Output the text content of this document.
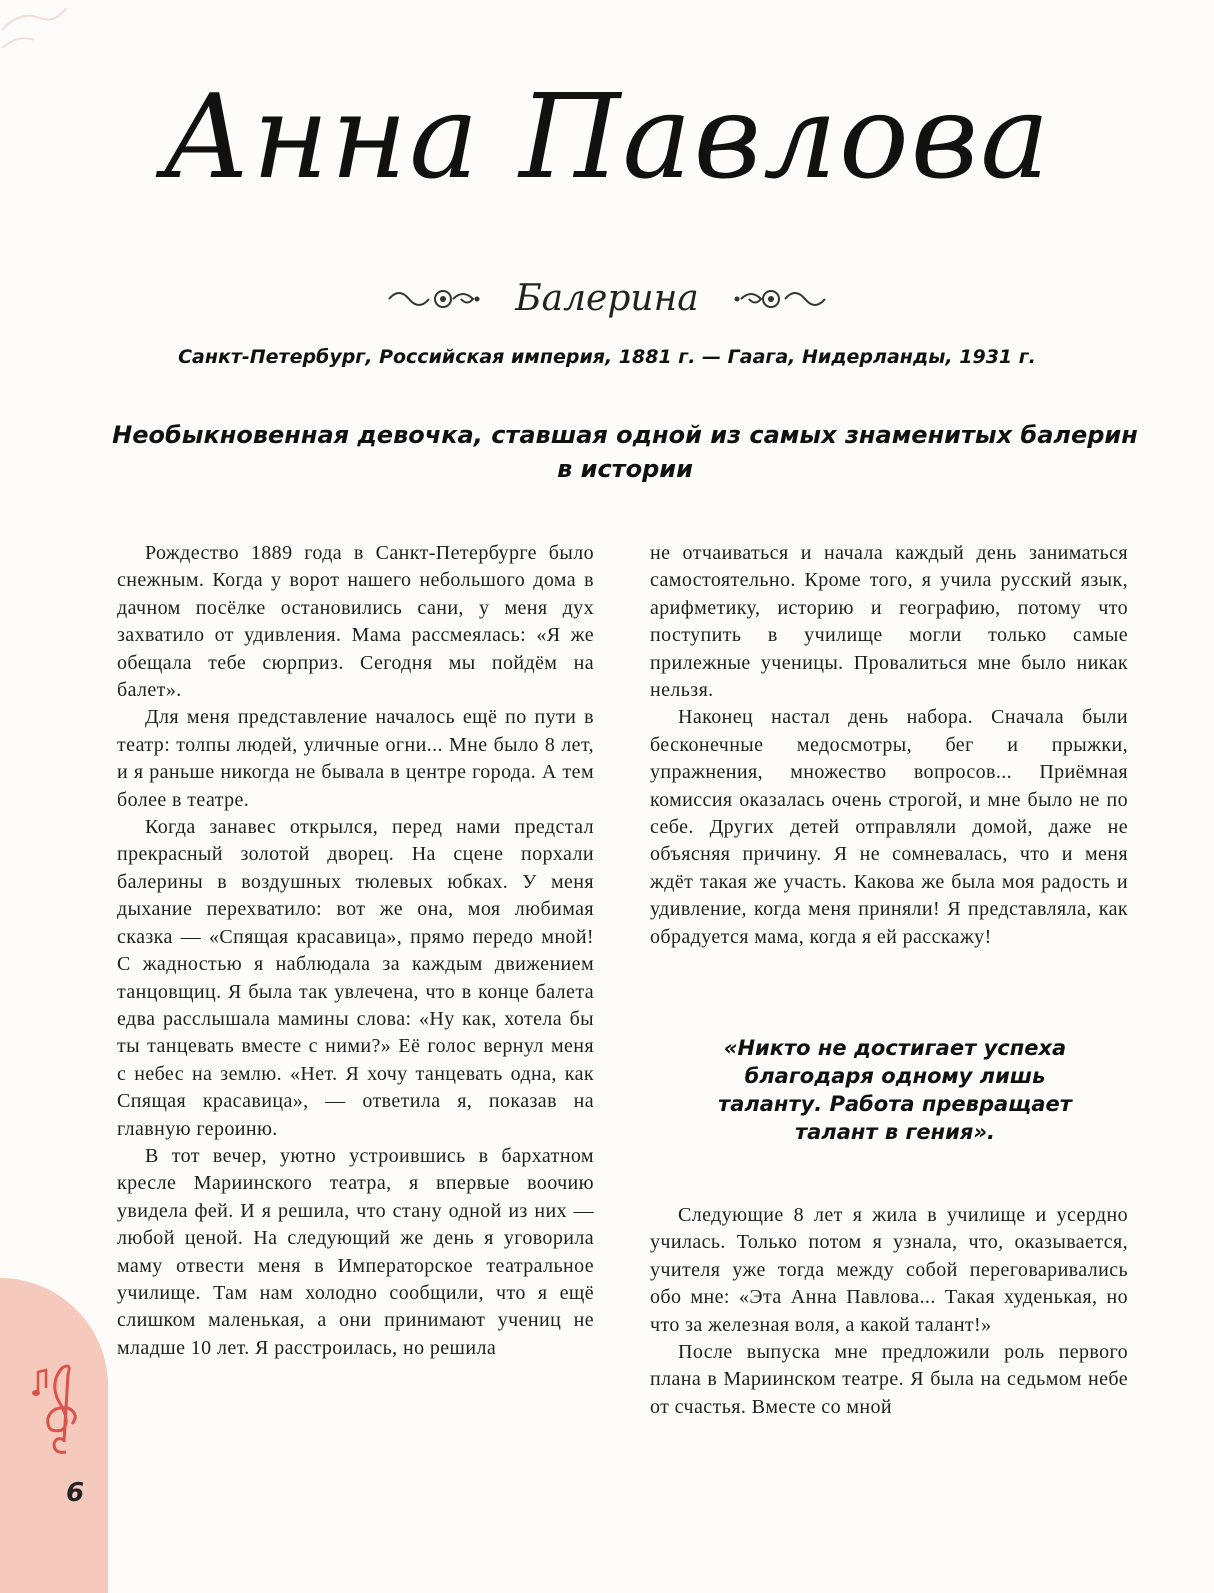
Анна Павлова
Балерина
Санкт-Петербург, Российская империя, 1881 г. — Гаага, Нидерланды, 1931 г.
Необыкновенная девочка, ставшая одной из самых знаменитых балерин в истории

Рождество 1889 года в Санкт-Петербурге было снежным. Когда у ворот нашего небольшого дома в дачном посёлке остановились сани, у меня дух захватило от удивления. Мама рассмеялась: «Я же обещала тебе сюрприз. Сегодня мы пойдём на балет».

Для меня представление началось ещё по пути в театр: толпы людей, уличные огни... Мне было 8 лет, и я раньше никогда не бывала в центре города. А тем более в театре.

Когда занавес открылся, перед нами предстал прекрасный золотой дворец. На сцене порхали балерины в воздушных тюлевых юбках. У меня дыхание перехватило: вот же она, моя любимая сказка — «Спящая красавица», прямо передо мной! С жадностью я наблюдала за каждым движением танцовщиц. Я была так увлечена, что в конце балета едва расслышала мамины слова: «Ну как, хотела бы ты танцевать вместе с ними?» Её голос вернул меня с небес на землю. «Нет. Я хочу танцевать одна, как Спящая красавица», — ответила я, показав на главную героиню.

В тот вечер, уютно устроившись в бархатном кресле Мариинского театра, я впервые воочию увидела фей. И я решила, что стану одной из них — любой ценой. На следующий же день я уговорила маму отвести меня в Императорское театральное училище. Там нам холодно сообщили, что я ещё слишком маленькая, а они принимают учениц не младше 10 лет. Я расстроилась, но решила

не отчаиваться и начала каждый день заниматься самостоятельно. Кроме того, я учила русский язык, арифметику, историю и географию, потому что поступить в училище могли только самые прилежные ученицы. Провалиться мне было никак нельзя.

Наконец настал день набора. Сначала были бесконечные медосмотры, бег и прыжки, упражнения, множество вопросов... Приёмная комиссия оказалась очень строгой, и мне было не по себе. Других детей отправляли домой, даже не объясняя причину. Я не сомневалась, что и меня ждёт такая же участь. Какова же была моя радость и удивление, когда меня приняли! Я представляла, как обрадуется мама, когда я ей расскажу!

«Никто не достигает успеха благодаря одному лишь таланту. Работа превращает талант в гения».

Следующие 8 лет я жила в училище и усердно училась. Только потом я узнала, что, оказывается, учителя уже тогда между собой переговаривались обо мне: «Эта Анна Павлова... Такая худенькая, но что за железная воля, а какой талант!»

После выпуска мне предложили роль первого плана в Мариинском театре. Я была на седьмом небе от счастья. Вместе со мной

6
